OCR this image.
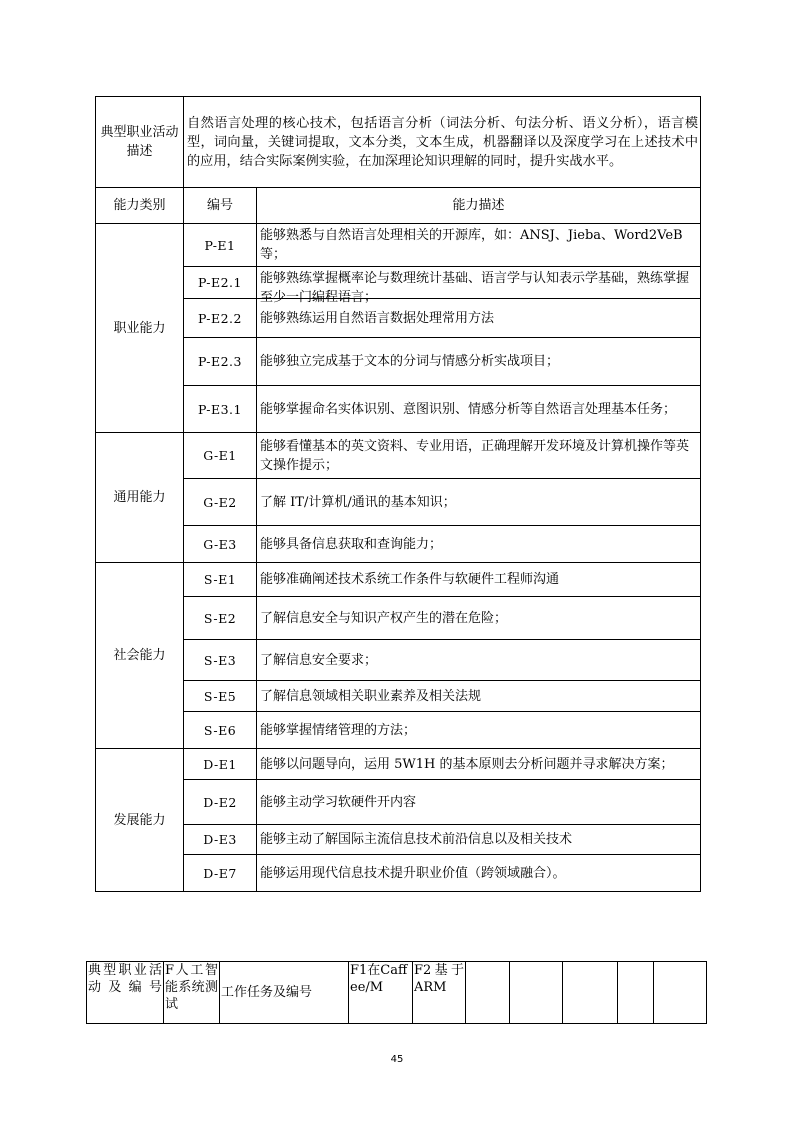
典型职业活动描述	自然语言处理的核心技术，包括语言分析（词法分析、句法分析、语义分析），语言模型，词向量，关键词提取，文本分类，文本生成，机器翻译以及深度学习在上述技术中的应用，结合实际案例实验，在加深理论知识理解的同时，提升实战水平。	
能力类别	编号	能力描述
职业能力	P-E1	能够熟悉与自然语言处理相关的开源库，如：ANSJ、Jieba、Word2VeB等；
	P-E2.1	能够熟练掌握概率论与数理统计基础、语言学与认知表示学基础，熟练掌握至少一门编程语言；

	P-E2.2	能够熟练运用自然语言数据处理常用方法
	P-E2.3	能够独立完成基于文本的分词与情感分析实战项目；
	P-E3.1	能够掌握命名实体识别、意图识别、情感分析等自然语言处理基本任务；
通用能力	G-E1	能够看懂基本的英文资料、专业用语，正确理解开发环境及计算机操作等英文操作提示；
	G-E2	了解 IT/计算机/通讯的基本知识；
	G-E3	能够具备信息获取和查询能力；
社会能力	S-E1	能够准确阐述技术系统工作条件与软硬件工程师沟通
	S-E2	了解信息安全与知识产权产生的潜在危险；
	S-E3	了解信息安全要求；
	S-E5	了解信息领域相关职业素养及相关法规
	S-E6	能够掌握情绪管理的方法；
发展能力	D-E1	能够以问题导向，运用 5W1H 的基本原则去分析问题并寻求解决方案；
	D-E2	能够主动学习软硬件开内容
	D-E3	能够主动了解国际主流信息技术前沿信息以及相关技术
	D-E7	能够运用现代信息技术提升职业价值（跨领域融合）。
典型职业活动及编号	F人工智能系统测试	工作任务及编号	F1在Caffee/M	F2基于ARM					
45
